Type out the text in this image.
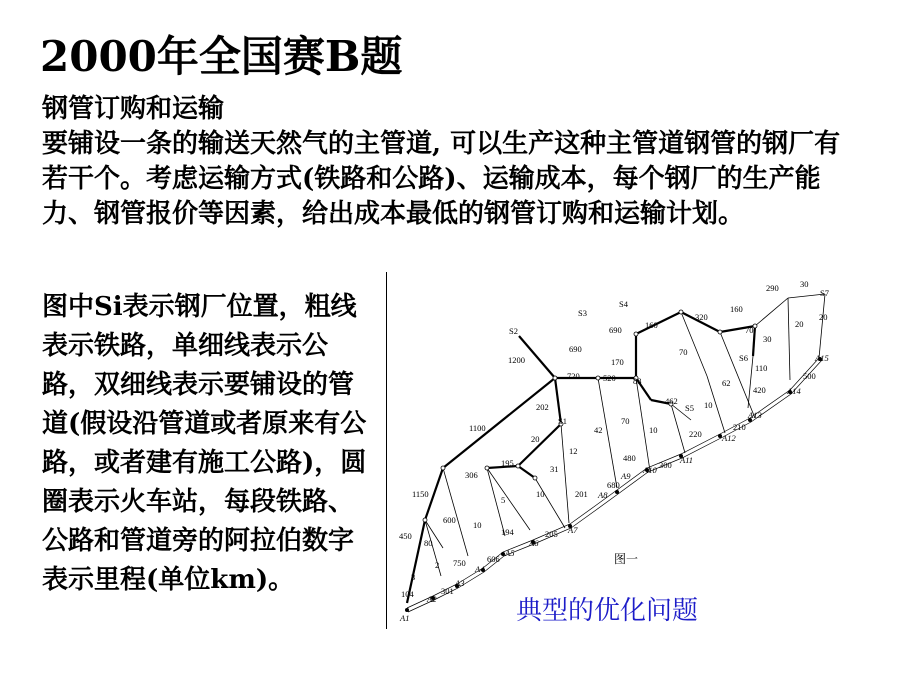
2000年全国赛B题

钢管订购和运输

要铺设一条的输送天然气的主管道, 可以生产这种主管道钢管的钢厂有若干个。考虑运输方式(铁路和公路)、运输成本，每个钢厂的生产能力、钢管报价等因素，给出成本最低的钢管订购和运输计划。

图中Si表示钢厂位置，粗线表示铁路，单细线表示公路，双细线表示要铺设的管道(假设沿管道或者原来有公路，或者建有施工公路)，圆圈表示火车站，每段铁路、公路和管道旁的阿拉伯数字表示里程(单位km)。
S1
S2
S3
S4
S5
S6
S7
A1
A2
A3
A4
A5
A6
A7
A8
A9
A10
A11
A12
A13
A14
A15
104	301
750	606
194	205
201
680
480
300
220
210
420
500
3
2
450
80
1150
600 10
306
5
195
10
31
20
202
1100
1200
720
690
520
170
690	160
88
462
70
10
12
42
10
320
70
62
160
70
30
110
290	30
20
20
图一
典型的优化问题
